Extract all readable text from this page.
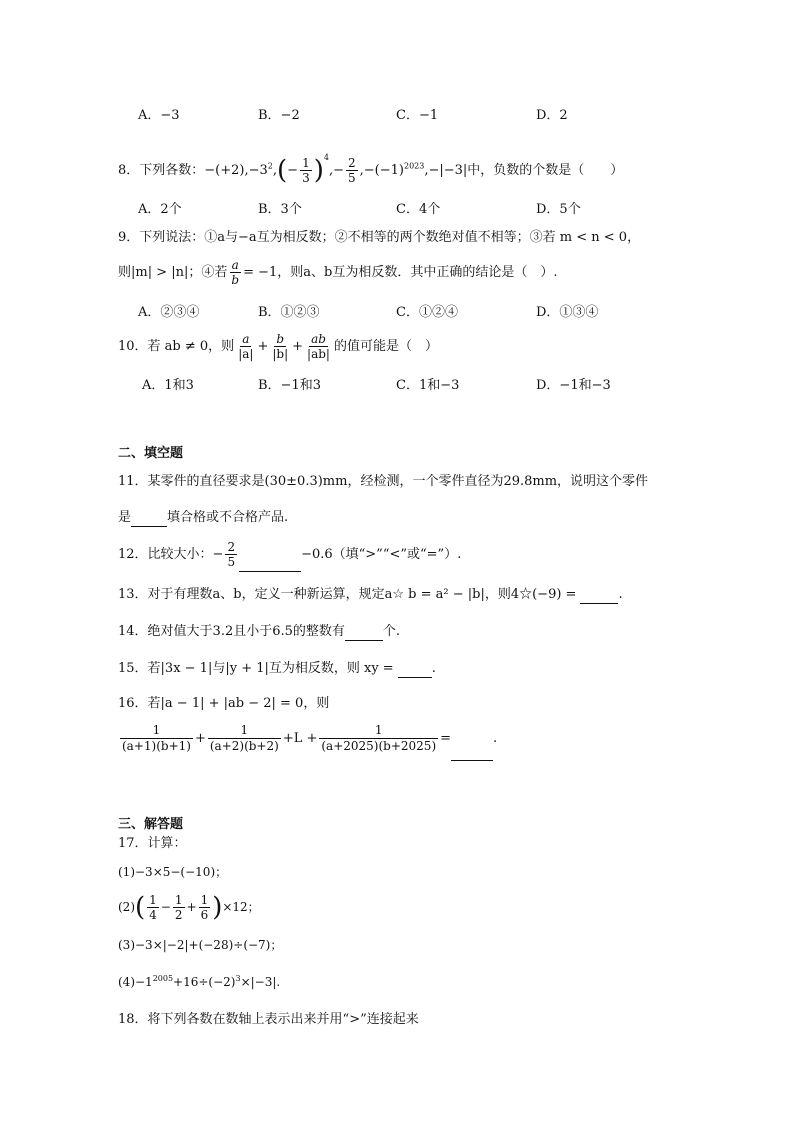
A．−3	B．−2	C．−1	D．2
8．下列各数：$-(+2),-3^2,(- \frac{1}{3} )^4,- \frac{2}{5} ,-(-1)^{2023},-|-3|$中，负数的个数是（　　）
A．2个	B．3个	C．4个	D．5个
9．下列说法：①a与−a互为相反数；②不相等的两个数绝对值不相等；③若 m < n < 0，
则|m| > |n|；④若 $\frac{a}{b} = -1$，则a、b互为相反数．其中正确的结论是（　）.
A．②③④	B．①②③	C．①②④	D．①③④
10．若 ab ≠ 0，则 $\frac{a}{|a|} + \frac{b}{|b|} + \frac{ab}{|ab|}$ 的值可能是（　）
A．1和3	B．−1和3	C．1和−3	D．−1和−3
二、填空题
11．某零件的直径要求是(30±0.3)mm，经检测，一个零件直径为29.8mm，说明这个零件
是	填合格或不合格产品.
12．比较大小：− $\frac{2}{5}$	−0.6（填“>”“<”或“=”）.
13．对于有理数a、b，定义一种新运算，规定a☆ b = a² − |b|，则4☆(−9) =	.
14．绝对值大于3.2且小于6.5的整数有	个.
15．若|3x − 1|与|y + 1|互为相反数，则 xy =	.
16．若|a − 1| + |ab − 2| = 0，则
$\frac{1}{(a+1)(b+1)} + \frac{1}{(a+2)(b+2)} +L + \frac{1}{(a+2025)(b+2025)}$ =	.
三、解答题
17．计算：
(1)−3×5−(−10)；
$(2)( \frac{1}{4} - \frac{1}{2} + \frac{1}{6} )\times 12$；
(3)−3×|−2|+(−28)÷(−7)；
$(4)-1^{2005}+16\div(-2)^3\times|-3|$.
18．将下列各数在数轴上表示出来并用“>”连接起来
